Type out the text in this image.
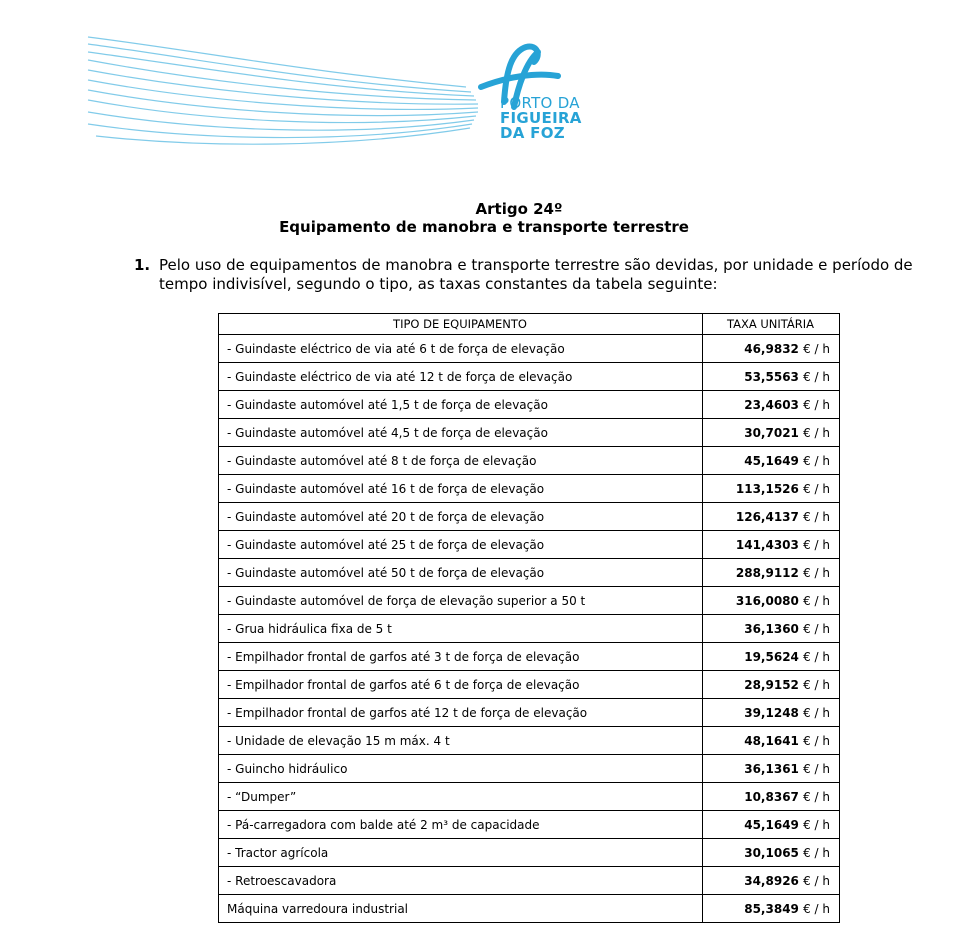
PORTO DA
FIGUEIRA
DA FOZ
Artigo 24º
Equipamento de manobra e transporte terrestre
1. Pelo uso de equipamentos de manobra e transporte terrestre são devidas, por unidade e período de tempo indivisível, segundo o tipo, as taxas constantes da tabela seguinte:
TIPO DE EQUIPAMENTO	TAXA UNITÁRIA
- Guindaste eléctrico de via até 6 t de força de elevação	46,9832 € / h
- Guindaste eléctrico de via até 12 t de força de elevação	53,5563 € / h
- Guindaste automóvel até 1,5 t de força de elevação	23,4603 € / h
- Guindaste automóvel até 4,5 t de força de elevação	30,7021 € / h
- Guindaste automóvel até 8 t de força de elevação	45,1649 € / h
- Guindaste automóvel até 16 t de força de elevação	113,1526 € / h
- Guindaste automóvel até 20 t de força de elevação	126,4137 € / h
- Guindaste automóvel até 25 t de força de elevação	141,4303 € / h
- Guindaste automóvel até 50 t de força de elevação	288,9112 € / h
- Guindaste automóvel de força de elevação superior a 50 t	316,0080 € / h
- Grua hidráulica fixa de 5 t	36,1360 € / h
- Empilhador frontal de garfos até 3 t de força de elevação	19,5624 € / h
- Empilhador frontal de garfos até 6 t de força de elevação	28,9152 € / h
- Empilhador frontal de garfos até 12 t de força de elevação	39,1248 € / h
- Unidade de elevação 15 m máx. 4 t	48,1641 € / h
- Guincho hidráulico	36,1361 € / h
- “Dumper”	10,8367 € / h
- Pá-carregadora com balde até 2 m³ de capacidade	45,1649 € / h
- Tractor agrícola	30,1065 € / h
- Retroescavadora	34,8926 € / h
Máquina varredoura industrial	85,3849 € / h
